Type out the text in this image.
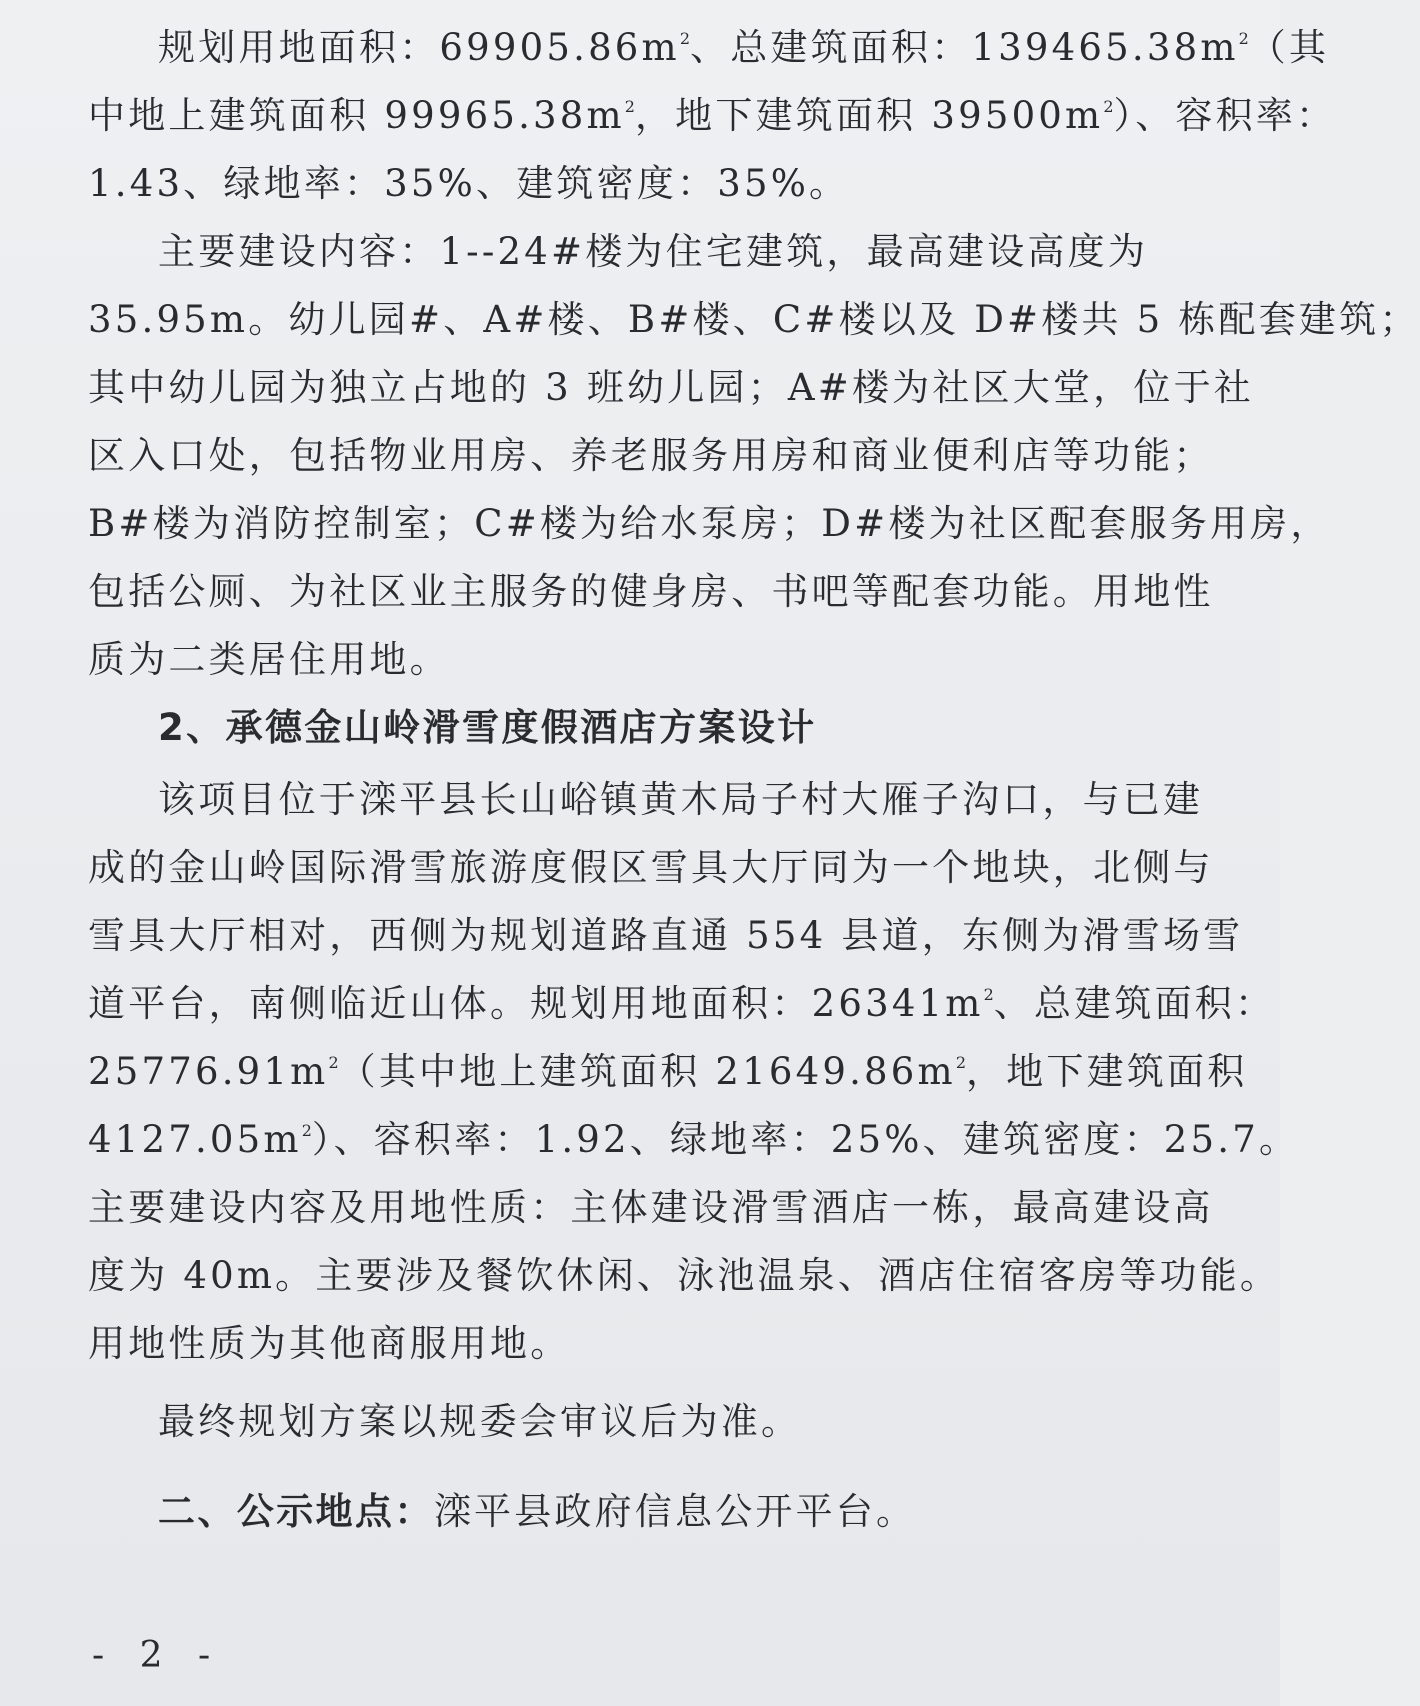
规划用地面积：$69905.86m^2$、总建筑面积：$139465.38m^2$（其
中地上建筑面积 $99965.38m^2$，地下建筑面积 $39500m^2$）、容积率：
1.43、绿地率：35%、建筑密度：35%。
主要建设内容：1--24#楼为住宅建筑，最高建设高度为
35.95m。幼儿园#、A#楼、B#楼、C#楼以及 D#楼共 5 栋配套建筑；
其中幼儿园为独立占地的 3 班幼儿园；A#楼为社区大堂，位于社
区入口处，包括物业用房、养老服务用房和商业便利店等功能；
B#楼为消防控制室；C#楼为给水泵房；D#楼为社区配套服务用房，
包括公厕、为社区业主服务的健身房、书吧等配套功能。用地性
质为二类居住用地。
2、承德金山岭滑雪度假酒店方案设计
该项目位于滦平县长山峪镇黄木局子村大雁子沟口，与已建
成的金山岭国际滑雪旅游度假区雪具大厅同为一个地块，北侧与
雪具大厅相对，西侧为规划道路直通 554 县道，东侧为滑雪场雪
道平台，南侧临近山体。规划用地面积：$26341m^2$、总建筑面积：
$25776.91m^2$（其中地上建筑面积 $21649.86m^2$，地下建筑面积
$4127.05m^2$）、容积率：1.92、绿地率：25%、建筑密度：25.7。
主要建设内容及用地性质：主体建设滑雪酒店一栋，最高建设高
度为 40m。主要涉及餐饮休闲、泳池温泉、酒店住宿客房等功能。
用地性质为其他商服用地。
最终规划方案以规委会审议后为准。
二、公示地点：滦平县政府信息公开平台。
- 2 -
